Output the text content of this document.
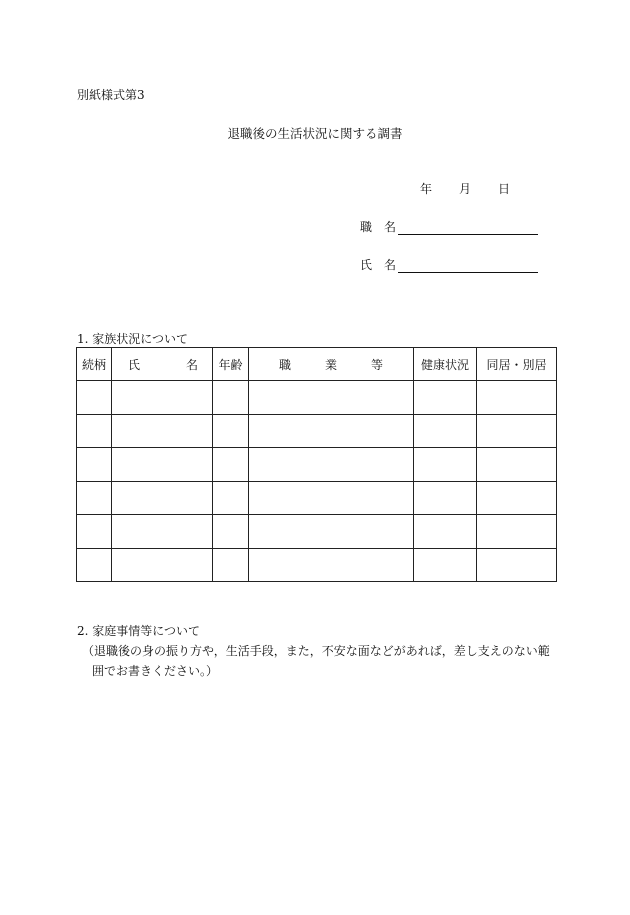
別紙様式第3
退職後の生活状況に関する調書
年 月 日
職　名
氏　名
1. 家族状況について
続柄	氏 名	年齢	職 業 等	健康状況	同居・別居

2. 家庭事情等について
（退職後の身の振り方や，生活手段，また，不安な面などがあれば，差し支えのない範
囲でお書きください。）
